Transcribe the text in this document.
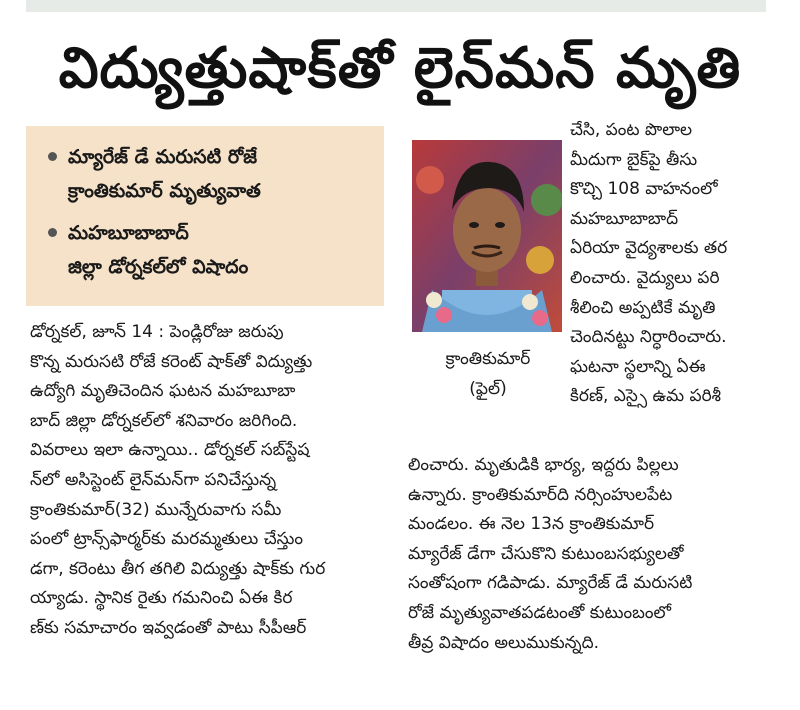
విద్యుత్తుషాక్‌తో లైన్‌మన్ మృతి
మ్యారేజ్ డే మరుసటి రోజే
క్రాంతికుమార్ మృత్యువాత
మహబూబాబాద్
జిల్లా డోర్నకల్‌లో విషాదం
క్రాంతికుమార్
(ఫైల్)
డోర్నకల్, జూన్ 14 : పెండ్లిరోజు జరుపు
కొన్న మరుసటి రోజే కరెంట్ షాక్‌తో విద్యుత్తు
ఉద్యోగి మృతిచెందిన ఘటన మహబూబా
బాద్ జిల్లా డోర్నకల్‌లో శనివారం జరిగింది.
వివరాలు ఇలా ఉన్నాయి.. డోర్నకల్ సబ్‌స్టేష
న్‌లో అసిస్టెంట్ లైన్‌మన్‌గా పనిచేస్తున్న
క్రాంతికుమార్(32) మున్నేరువాగు సమీ
పంలో ట్రాన్స్‌ఫార్మర్‌కు మరమ్మతులు చేస్తుం
డగా, కరెంటు తీగ తగిలి విద్యుత్తు షాక్‌కు గుర
య్యాడు. స్థానిక రైతు గమనించి ఏఈ కిర
ణ్‌కు సమాచారం ఇవ్వడంతో పాటు సీపీఆర్
చేసి, పంట పొలాల
మీదుగా బైక్‌పై తీసు
కొచ్చి 108 వాహనంలో
మహబూబాబాద్
ఏరియా వైద్యశాలకు తర
లించారు. వైద్యులు పరి
శీలించి అప్పటికే మృతి
చెందినట్టు నిర్ధారించారు.
ఘటనా స్థలాన్ని ఏఈ
కిరణ్, ఎస్సై ఉమ పరిశీ
లించారు. మృతుడికి భార్య, ఇద్దరు పిల్లలు
ఉన్నారు. క్రాంతికుమార్‌ది నర్సింహులపేట
మండలం. ఈ నెల 13న క్రాంతికుమార్
మ్యారేజ్ డేగా చేసుకొని కుటుంబసభ్యులతో
సంతోషంగా గడిపాడు. మ్యారేజ్ డే మరుసటి
రోజే మృత్యువాతపడటంతో కుటుంబంలో
తీవ్ర విషాదం అలుముకున్నది.
